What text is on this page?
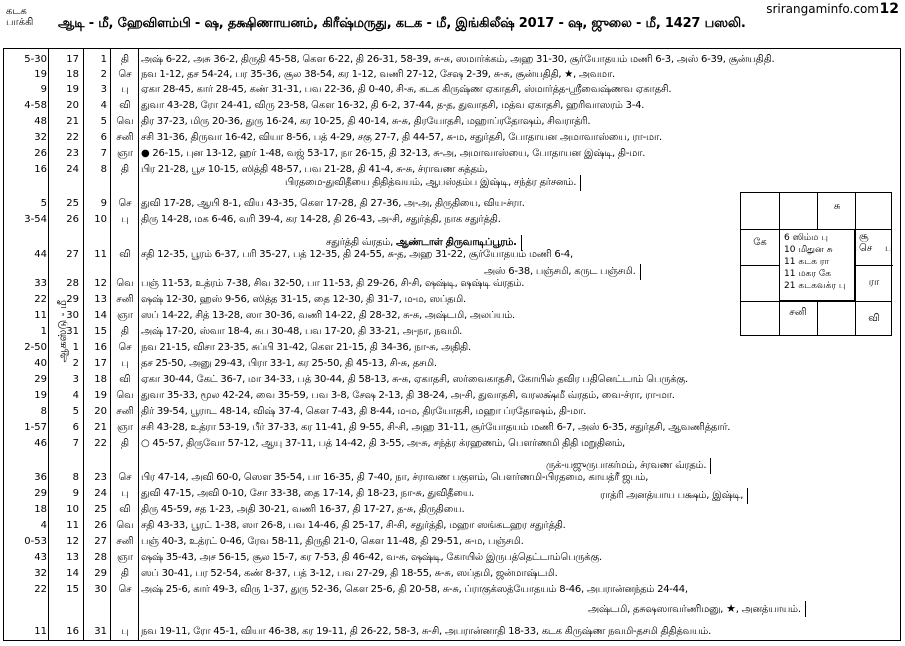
கடக
பாக்கி ஆடி - மீ, ஹேவிளம்பி - ஷ, தக்ஷிணாயனம், கிரீஷ்மருது, கடக - மீ, இங்கிலீஷ் 2017 - ஷ, ஜுலை - மீ, 1427 பஸலி.
srirangaminfo.com 12
ஆகஸ்டு - மீ
5-30	17	1	தி	அஷ் 6-22, அசு 36-2, திருதி 45-58, கௌ 6-22, தி 26-31, 58-39, சு-சு, ஸமார்க்கம், அஹ 31-30, சூர்யோதயம் மணி 6-3, அஸ் 6-39, சூன்யதிதி.
19	18	2	செ நவ 1-12, தச 54-24, பர 35-36, சூல 38-54, கர 1-12, வணி 27-12, சேஷ 2-39, சு-சு, சூன்யதிதி, ★, அவமா.
9	19	3	பு	ஏகா 28-45, கார் 28-45, கண் 31-31, பவ 22-36, தி 0-40, சி-சு, கடக கிருஷ்ண ஏகாதசி, ஸ்மார்த்த-ஸ்ரீவைஷ்ணவ ஏகாதசி.
4-58	20	4	வி	துவா 43-28, ரோ 24-41, விரு 23-58, கௌ 16-32, தி 6-2, 37-44, த-த, துவாதசி, மத்வ ஏகாதசி, ஹரிவாஸரம் 3-4.
48	21	5 வெ திர 37-23, மிரு 20-36, துரு 16-24, கர 10-25, தி 40-14, சு-சு, திரயோதசி, மஹாப்ரதோஷம், சிவராத்ரி.
32	22	6 சனி சசி 31-36, திருவா 16-42, வியா 8-56, பத் 4-29, சகு 27-7, தி 44-57, சு-ம, சதுர்தசி, போதாயன அமாவாஸ்யை, ரா-மா.
26	23	7 ஞா ● 26-15, புன 13-12, ஹர் 1-48, வஜ் 53-17, நா 26-15, தி 32-13, சு-அ, அமாவாஸ்யை, போதாயன இஷ்டி, தி-மா.
16	24	8	தி	பிர 21-28, பூச 10-15, ஸித்தி 48-57, பவ 21-28, தி 41-4, சு-சு, ச்ராவண சுத்தம்,
5	25	9	செ துவி 17-28, ஆயி 8-1, விய 43-35, கௌ 17-28, தி 27-36, அ-அ, திருதியை, விய-ச்ரா.
3-54	26	10	பு	திரு 14-28, மக 6-46, வரி 39-4, கர 14-28, தி 26-43, அ-சி, சதுர்த்தி, நாக சதுர்த்தி.
44	27	11	வி	சதி 12-35, பூரம் 6-37, பரி 35-27, பத் 12-35, தி 24-55, சு-த, அஹ 31-22, சூர்யோதயம் மணி 6-4,
33	28	12 வெ பஞ் 11-53, உத்ரம் 7-38, சிவ 32-50, பா 11-53, தி 29-26, சி-சி, ஷஷ்டி, ஷஷ்டி வ்ரதம்.
22	29	13 சனி ஷஷ் 12-30, ஹஸ் 9-56, ஸித்த 31-15, தை 12-30, தி 31-7, ம-ம, ஸப்தமி.
11	30	14 ஞா ஸப் 14-22, சித் 13-28, ஸா 30-36, வணி 14-22, தி 28-32, சு-சு, அஷ்டமி, அலப்யம்.
1	31	15	தி	அஷ் 17-20, ஸ்வா 18-4, சுப 30-48, பவ 17-20, தி 33-21, அ-நா, நவமி.
2-50	1	16	செ நவ 21-15, விசா 23-35, சுப்பி 31-42, கௌ 21-15, தி 34-36, நா-சு, அதிதி.
40	2	17	பு	தச 25-50, அனு 29-43, பிரா 33-1, கர 25-50, தி 45-13, சி-சு, தசமி.
29	3	18	வி	ஏகா 30-44, கேட் 36-7, மா 34-33, பத் 30-44, தி 58-13, சு-சு, ஏகாதசி, ஸர்வைகாதசி, கோயில் தவிர பதினெட்டாம் பெருக்கு.
19	4	19 வெ துவா 35-33, மூல 42-24, வை 35-59, பவ 3-8, சேஷ 2-13, தி 38-24, அ-சி, துவாதசி, வரலக்ஷ்மீ வ்ரதம், வை-ச்ரா, ரா-மா.
8	5	20 சனி திர் 39-54, பூராட 48-14, விஷ் 37-4, கௌ 7-43, தி 8-44, ம-ம, திரயோதசி, மஹா ப்ரதோஷம், தி-மா.
1-57	6	21 ஞா சசி 43-28, உத்ரா 53-19, பீர் 37-33, கர 11-41, தி 9-55, சி-சி, அஹ 31-11, சூர்யோதயம் மணி 6-7, அஸ் 6-35, சதுர்தசி, ஆவணித்தார்.
46	7	22	தி	○ 45-57, திருவோ 57-12, ஆயு 37-11, பத் 14-42, தி 3-55, அ-சு, சந்த்ர க்ரஹணம், பௌர்ணமி திதி மறுதினம்,
36	8	23	செ பிர 47-14, அவி 60-0, ஸௌ 35-54, பா 16-35, தி 7-40, நா, ச்ராவண பகுளம், பௌர்ணமி-பிரதமை, காயத்ரீ ஜபம்,
29	9	24	பு	துவி 47-15, அவி 0-10, சோ 33-38, தை 17-14, தி 18-23, நா-சு, துவிதீயை.
18	10	25	வி	திரு 45-59, சத 1-23, அதி 30-21, வணி 16-37, தி 17-27, த-சு, திருதியை.
4	11	26 வெ சதி 43-33, பூரட் 1-38, ஸா 26-8, பவ 14-46, தி 25-17, சி-சி, சதுர்த்தி, மஹா ஸங்கடஹர சதுர்த்தி.
0-53	12	27 சனி பஞ் 40-3, உத்ரட் 0-46, ரேவ 58-11, திருதி 21-0, கௌ 11-48, தி 29-51, சு-ம, பஞ்சமி.
43	13	28 ஞா ஷஷ் 35-43, அச 56-15, சூல 15-7, கர 7-53, தி 46-42, வ-சு, ஷஷ்டி, கோயில் இருபத்தெட்டாம்பெருக்கு.
32	14	29	தி	ஸப் 30-41, பர 52-54, கண் 8-37, பத் 3-12, பவ 27-29, தி 18-55, சு-சு, ஸப்தமி, ஜன்மாஷ்டமி.
22	15	30	செ அஷ் 25-6, கார் 49-3, விரு 1-37, துரு 52-36, கௌ 25-6, தி 20-58, சு-சு, ப்ராகுக்ஸத்யோதயம் 8-46, அபரான்னந்தம் 24-44,
11	16	31	பு	நவ 19-11, ரோ 45-1, வியா 46-38, கர 19-11, தி 26-22, 58-3, சு-சி, அபரான்னாதி 18-33, கடக கிருஷ்ண நவமி-தசமி திதித்வயம்.
பிரதமை-துவிதீயை திதித்வயம், ஆபஸ்தம்ப இஷ்டி, சந்த்ர தர்சனம்.
சதுர்த்தி வ்ரதம், ஆண்டாள் திருவாடிப்பூரம்.
அஸ் 6-38, பஞ்சமி, கருட பஞ்சமி.
ருக்-யஜுருபாகர்மம், ச்ரவண வ்ரதம்.
ராத்ரி அனத்யாய பக்ஷம், இஷ்டி,
அஷ்டமி, தசுஷஸாவர்ணிமனு, ★, அனத்யாயம்.
சு
கே
சூ
செ பு
ரா
சனி
வி
6 ஸிம்ம பு
10 மிதுன சு
11 கடக ரா
11 மகர கே
21 கடகவக்ர பு
